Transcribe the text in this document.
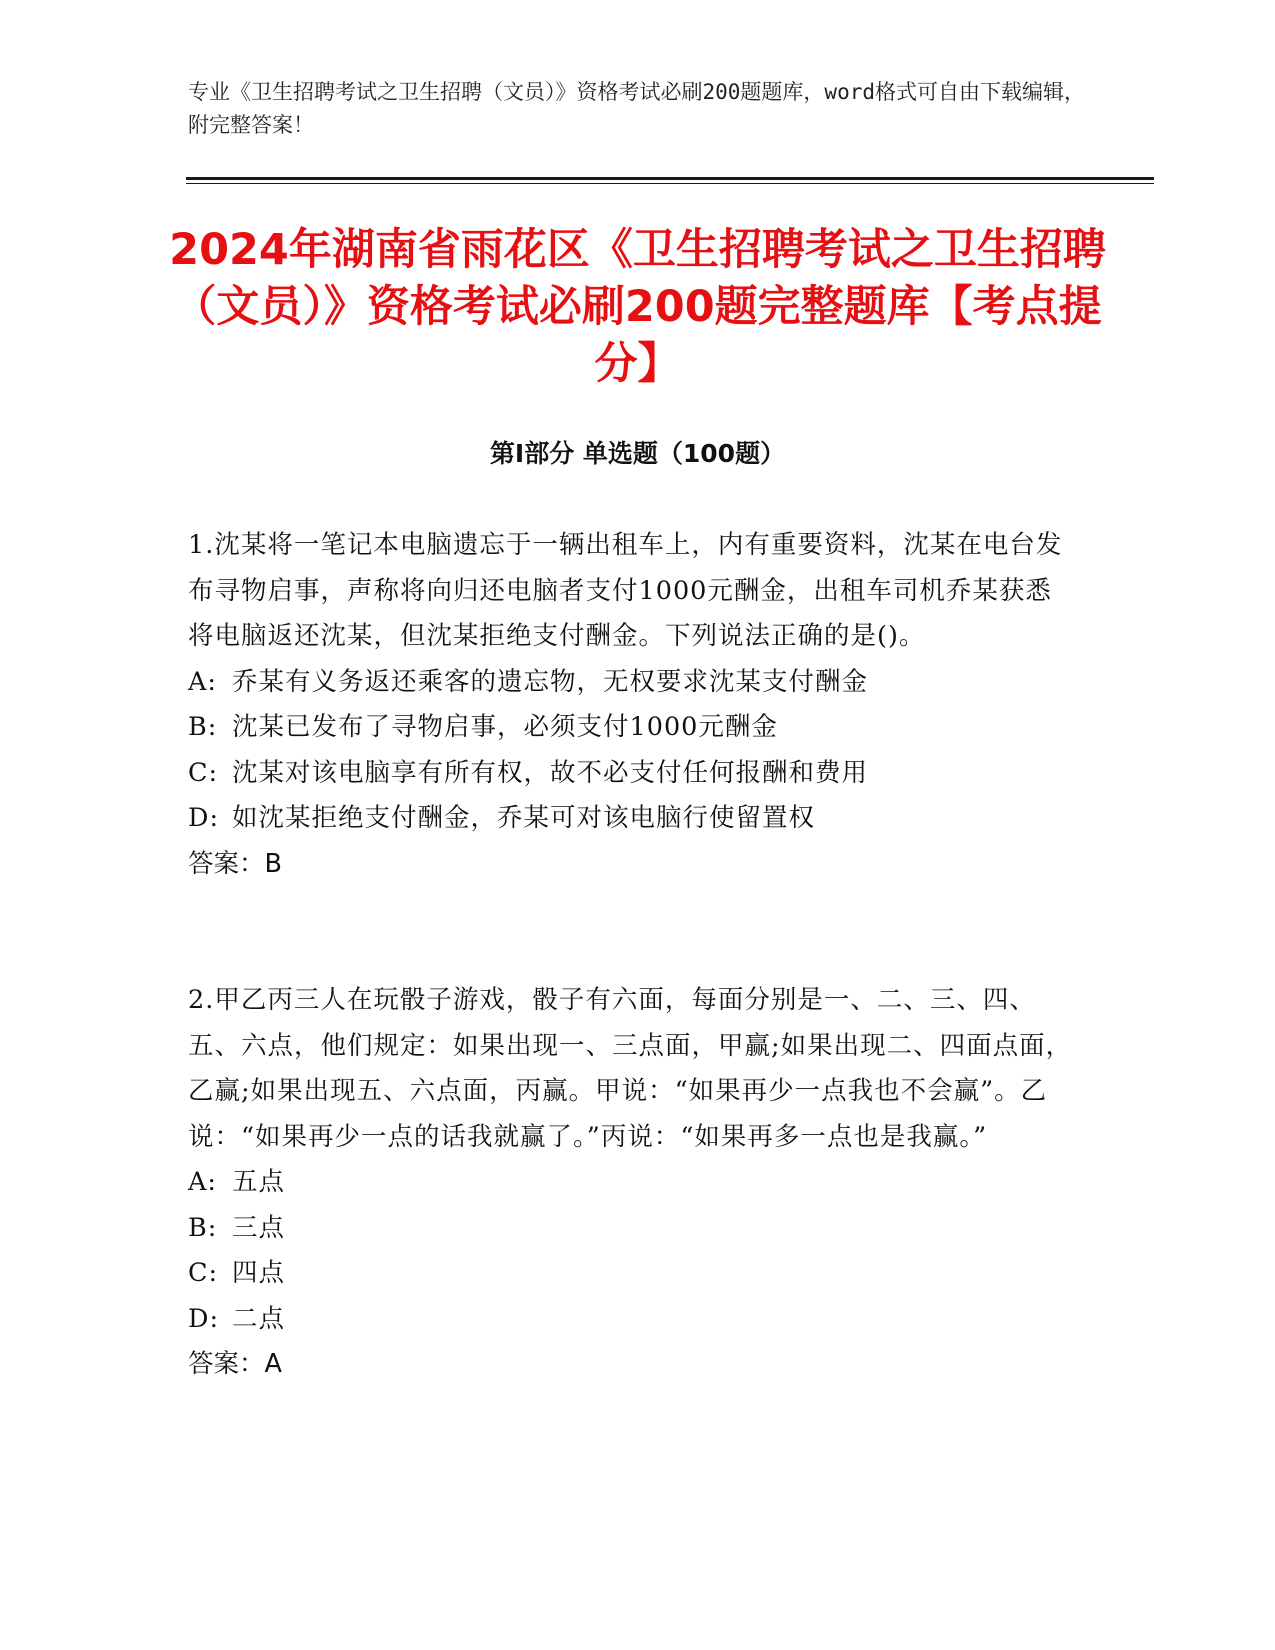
专业《卫生招聘考试之卫生招聘（文员）》资格考试必刷200题题库，word格式可自由下载编辑，附完整答案！
2024年湖南省雨花区《卫生招聘考试之卫生招聘（文员）》资格考试必刷200题完整题库【考点提分】
第I部分 单选题（100题）
1.沈某将一笔记本电脑遗忘于一辆出租车上，内有重要资料，沈某在电台发布寻物启事，声称将向归还电脑者支付1000元酬金，出租车司机乔某获悉将电脑返还沈某，但沈某拒绝支付酬金。下列说法正确的是()。
A: 乔某有义务返还乘客的遗忘物，无权要求沈某支付酬金
B: 沈某已发布了寻物启事，必须支付1000元酬金
C: 沈某对该电脑享有所有权，故不必支付任何报酬和费用
D: 如沈某拒绝支付酬金，乔某可对该电脑行使留置权
答案：B
2.甲乙丙三人在玩骰子游戏，骰子有六面，每面分别是一、二、三、四、五、六点，他们规定：如果出现一、三点面，甲赢;如果出现二、四面点面，乙赢;如果出现五、六点面，丙赢。甲说：“如果再少一点我也不会赢”。乙说：“如果再少一点的话我就赢了。”丙说：“如果再多一点也是我赢。”
A: 五点
B: 三点
C: 四点
D: 二点
答案：A
